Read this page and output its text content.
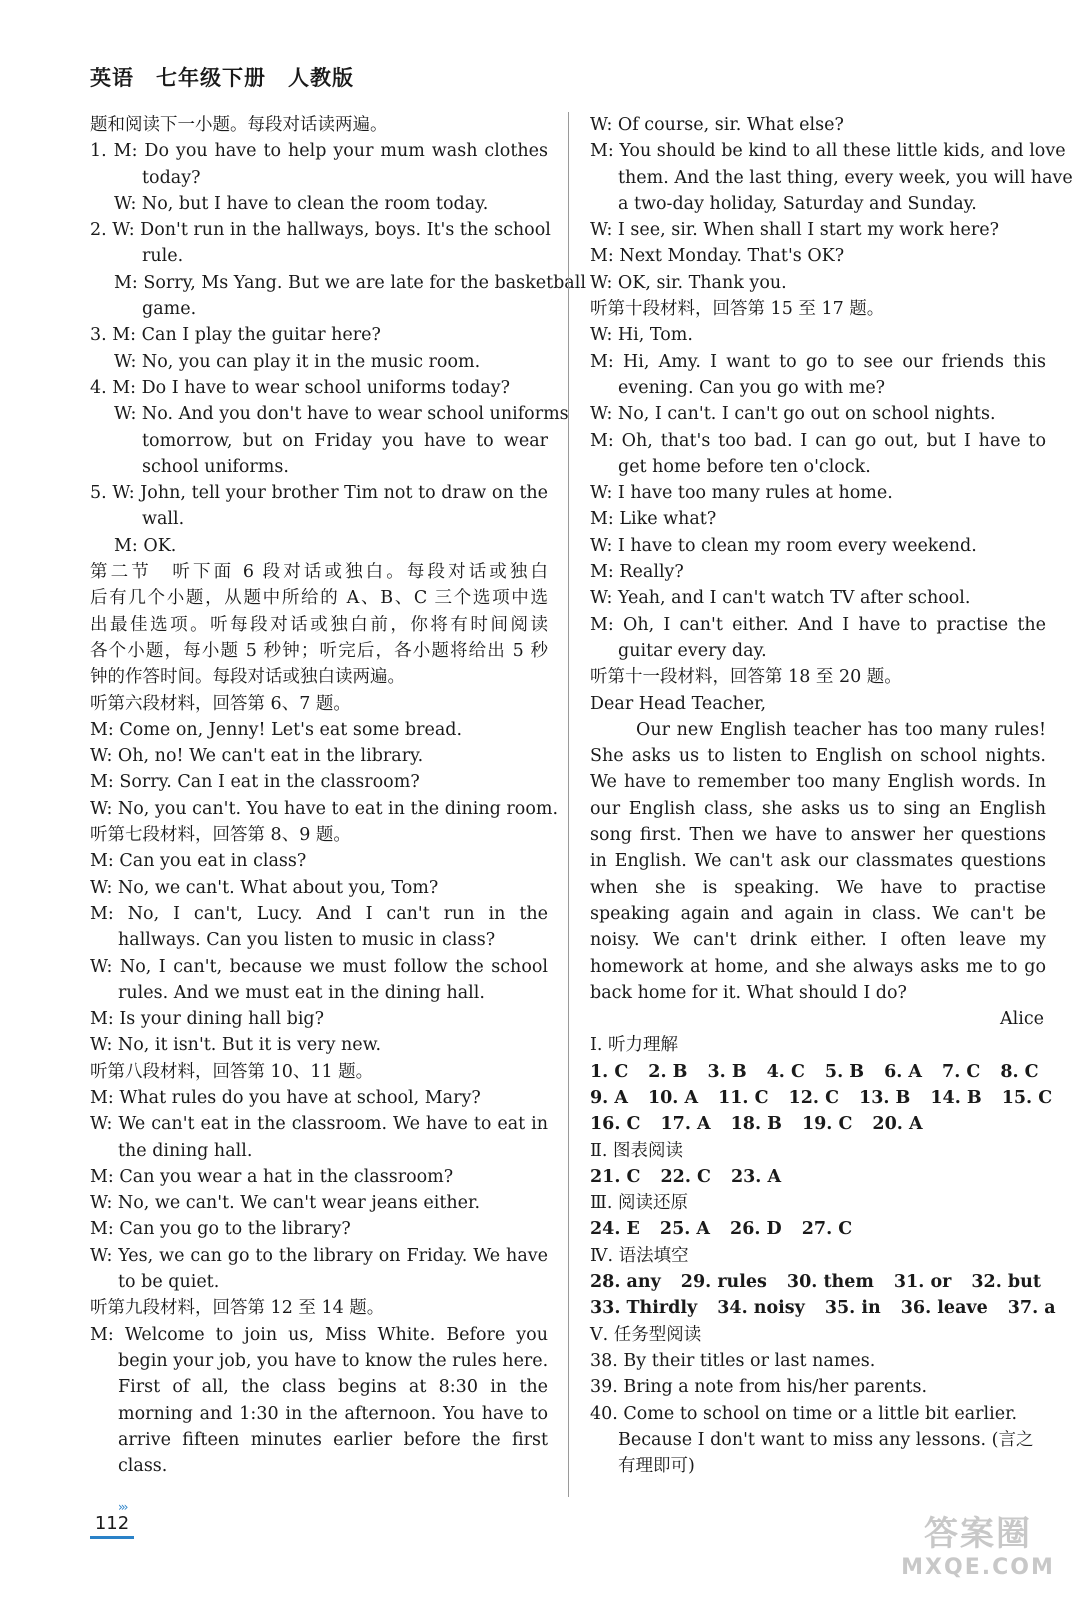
英语　七年级下册　人教版
题和阅读下一小题。每段对话读两遍。
1. M: Do you have to help your mum wash clothes
today?
W: No, but I have to clean the room today.
2. W: Don't run in the hallways, boys. It's the school
rule.
M: Sorry, Ms Yang. But we are late for the basketball
game.
3. M: Can I play the guitar here?
W: No, you can play it in the music room.
4. M: Do I have to wear school uniforms today?
W: No. And you don't have to wear school uniforms
tomorrow, but on Friday you have to wear
school uniforms.
5. W: John, tell your brother Tim not to draw on the
wall.
M: OK.
第二节　听下面 6 段对话或独白。每段对话或独白
后有几个小题，从题中所给的 A、B、C 三个选项中选
出最佳选项。听每段对话或独白前，你将有时间阅读
各个小题，每小题 5 秒钟；听完后，各小题将给出 5 秒
钟的作答时间。每段对话或独白读两遍。
听第六段材料，回答第 6、7 题。
M: Come on, Jenny! Let's eat some bread.
W: Oh, no! We can't eat in the library.
M: Sorry. Can I eat in the classroom?
W: No, you can't. You have to eat in the dining room.
听第七段材料，回答第 8、9 题。
M: Can you eat in class?
W: No, we can't. What about you, Tom?
M: No, I can't, Lucy. And I can't run in the
hallways. Can you listen to music in class?
W: No, I can't, because we must follow the school
rules. And we must eat in the dining hall.
M: Is your dining hall big?
W: No, it isn't. But it is very new.
听第八段材料，回答第 10、11 题。
M: What rules do you have at school, Mary?
W: We can't eat in the classroom. We have to eat in
the dining hall.
M: Can you wear a hat in the classroom?
W: No, we can't. We can't wear jeans either.
M: Can you go to the library?
W: Yes, we can go to the library on Friday. We have
to be quiet.
听第九段材料，回答第 12 至 14 题。
M: Welcome to join us, Miss White. Before you
begin your job, you have to know the rules here.
First of all, the class begins at 8:30 in the
morning and 1:30 in the afternoon. You have to
arrive fifteen minutes earlier before the first
class.
W: Of course, sir. What else?
M: You should be kind to all these little kids, and love
them. And the last thing, every week, you will have
a two-day holiday, Saturday and Sunday.
W: I see, sir. When shall I start my work here?
M: Next Monday. That's OK?
W: OK, sir. Thank you.
听第十段材料，回答第 15 至 17 题。
W: Hi, Tom.
M: Hi, Amy. I want to go to see our friends this
evening. Can you go with me?
W: No, I can't. I can't go out on school nights.
M: Oh, that's too bad. I can go out, but I have to
get home before ten o'clock.
W: I have too many rules at home.
M: Like what?
W: I have to clean my room every weekend.
M: Really?
W: Yeah, and I can't watch TV after school.
M: Oh, I can't either. And I have to practise the
guitar every day.
听第十一段材料，回答第 18 至 20 题。
Dear Head Teacher,
Our new English teacher has too many rules! She asks us to listen to English on school nights. We have to remember too many English words. In our English class, she asks us to sing an English song first. Then we have to answer her questions in English. We can't ask our classmates questions when she is speaking. We have to practise speaking again and again in class. We can't be noisy. We can't drink either. I often leave my homework at home, and she always asks me to go back home for it. What should I do?
Alice
Ⅰ. 听力理解
1. C 2. B 3. B 4. C 5. B 6. A 7. C 8. C
9. A 10. A 11. C 12. C 13. B 14. B 15. C
16. C 17. A 18. B 19. C 20. A
Ⅱ. 图表阅读
21. C 22. C 23. A
Ⅲ. 阅读还原
24. E 25. A 26. D 27. C
Ⅳ. 语法填空
28. any 29. rules 30. them 31. or 32. but
33. Thirdly 34. noisy 35. in 36. leave 37. a
Ⅴ. 任务型阅读
38. By their titles or last names.
39. Bring a note from his/her parents.
40. Come to school on time or a little bit earlier.
Because I don't want to miss any lessons. (言之
有理即可)
›››
112	答案圈
MXQE.COM
